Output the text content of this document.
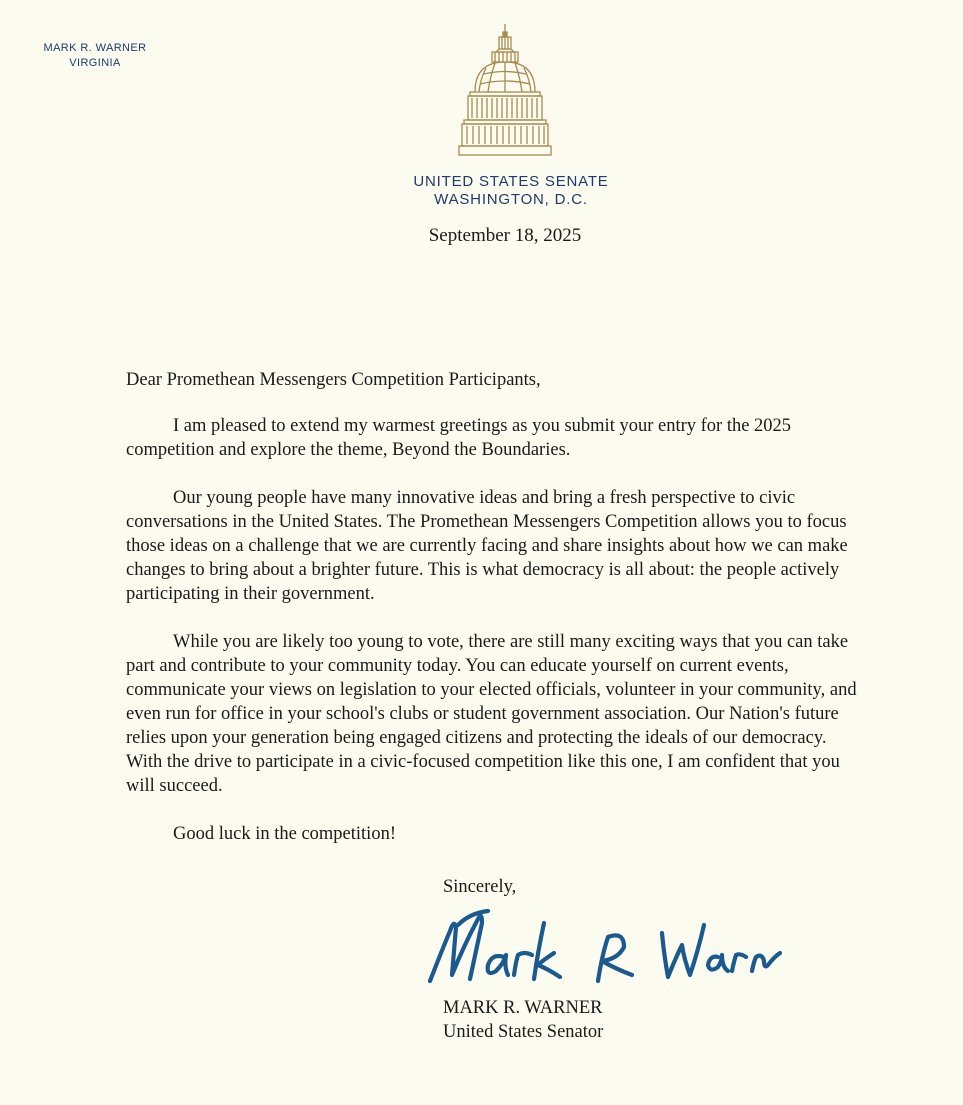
MARK R. WARNER
VIRGINIA
UNITED STATES SENATE
WASHINGTON, D.C.
September 18, 2025

Dear Promethean Messengers Competition Participants,

I am pleased to extend my warmest greetings as you submit your entry for the 2025 competition and explore the theme, Beyond the Boundaries.

Our young people have many innovative ideas and bring a fresh perspective to civic conversations in the United States. The Promethean Messengers Competition allows you to focus those ideas on a challenge that we are currently facing and share insights about how we can make changes to bring about a brighter future. This is what democracy is all about: the people actively participating in their government.

While you are likely too young to vote, there are still many exciting ways that you can take part and contribute to your community today. You can educate yourself on current events, communicate your views on legislation to your elected officials, volunteer in your community, and even run for office in your school's clubs or student government association. Our Nation's future relies upon your generation being engaged citizens and protecting the ideals of our democracy. With the drive to participate in a civic-focused competition like this one, I am confident that you will succeed.

Good luck in the competition!

Sincerely,
MARK R. WARNER
United States Senator
